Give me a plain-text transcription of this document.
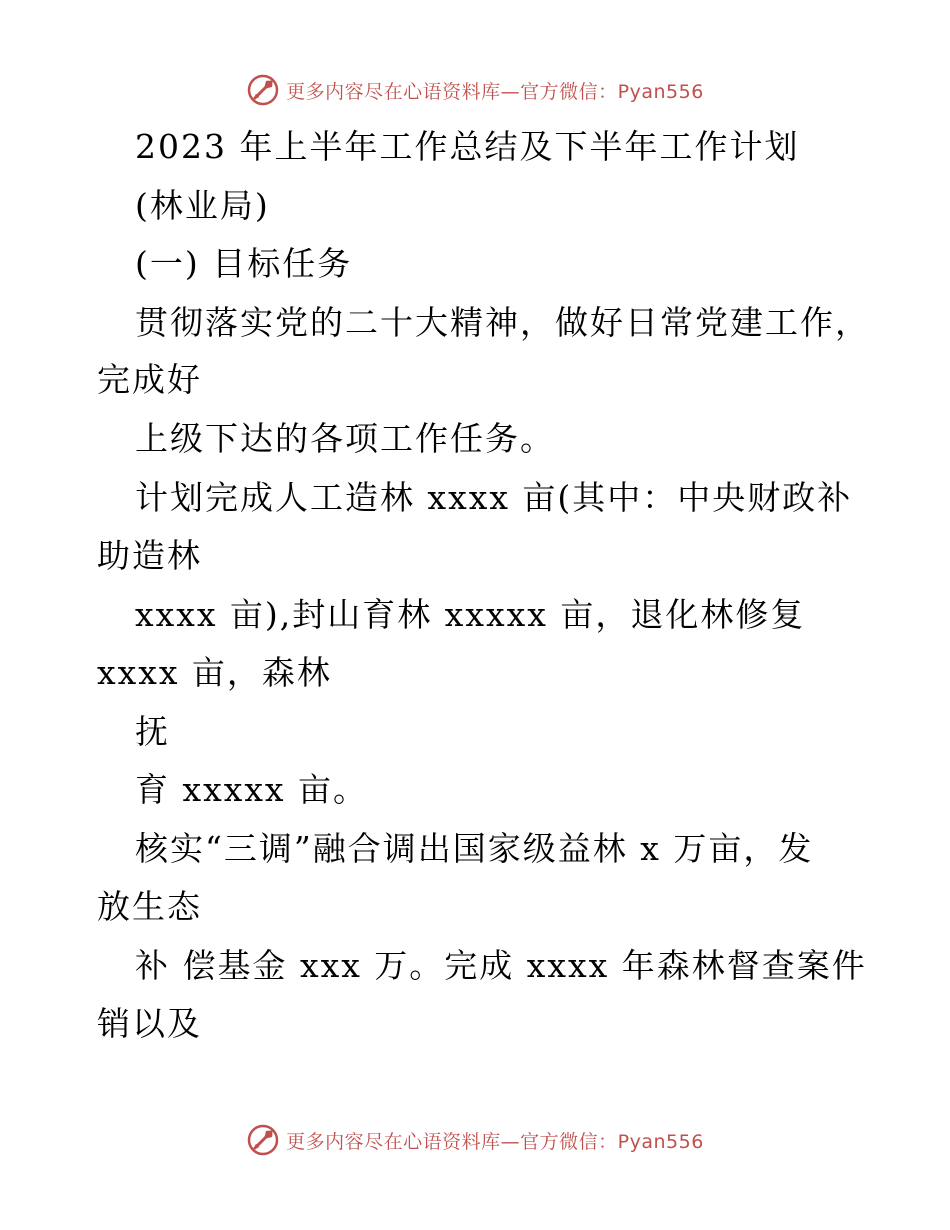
更多内容尽在心语资料库—官方微信：Pyan556
2023 年上半年工作总结及下半年工作计划
(林业局)
(一) 目标任务
贯彻落实党的二十大精神，做好日常党建工作，
完成好
上级下达的各项工作任务。
计划完成人工造林 xxxx 亩(其中：中央财政补
助造林
xxxx 亩),封山育林 xxxxx 亩，退化林修复
xxxx 亩，森林
抚
育 xxxxx 亩。
核实“三调”融合调出国家级益林 x 万亩，发
放生态
补 偿基金 xxx 万。完成 xxxx 年森林督查案件
销以及
更多内容尽在心语资料库—官方微信：Pyan556
